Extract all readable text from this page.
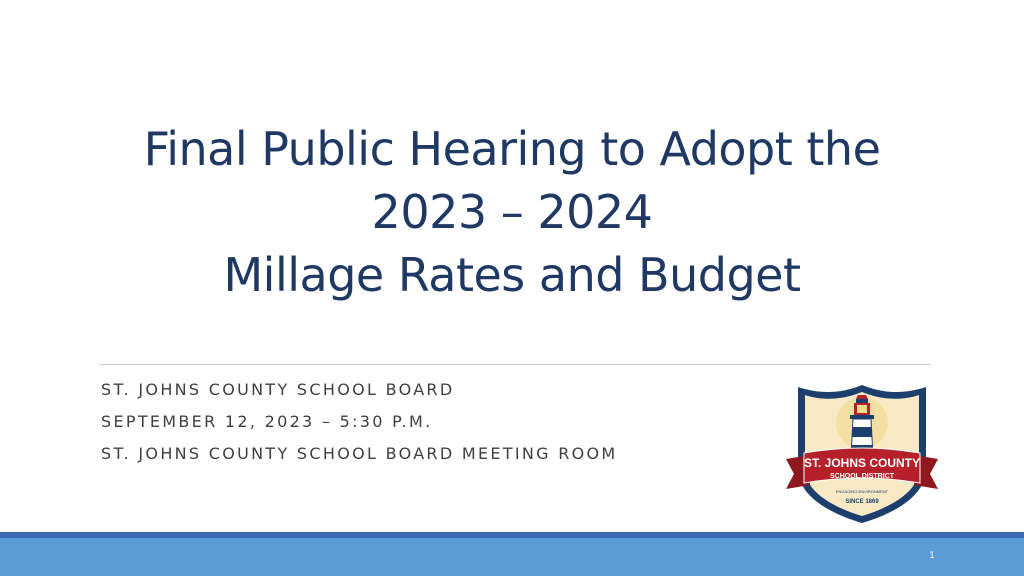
Final Public Hearing to Adopt the
2023 – 2024
Millage Rates and Budget
ST. JOHNS COUNTY SCHOOL BOARD
SEPTEMBER 12, 2023 – 5:30 P.M.
ST. JOHNS COUNTY SCHOOL BOARD MEETING ROOM	ST. JOHNS COUNTY
SCHOOL DISTRICT
ENGAGING ENVIRONMENT
SINCE 1869
1
